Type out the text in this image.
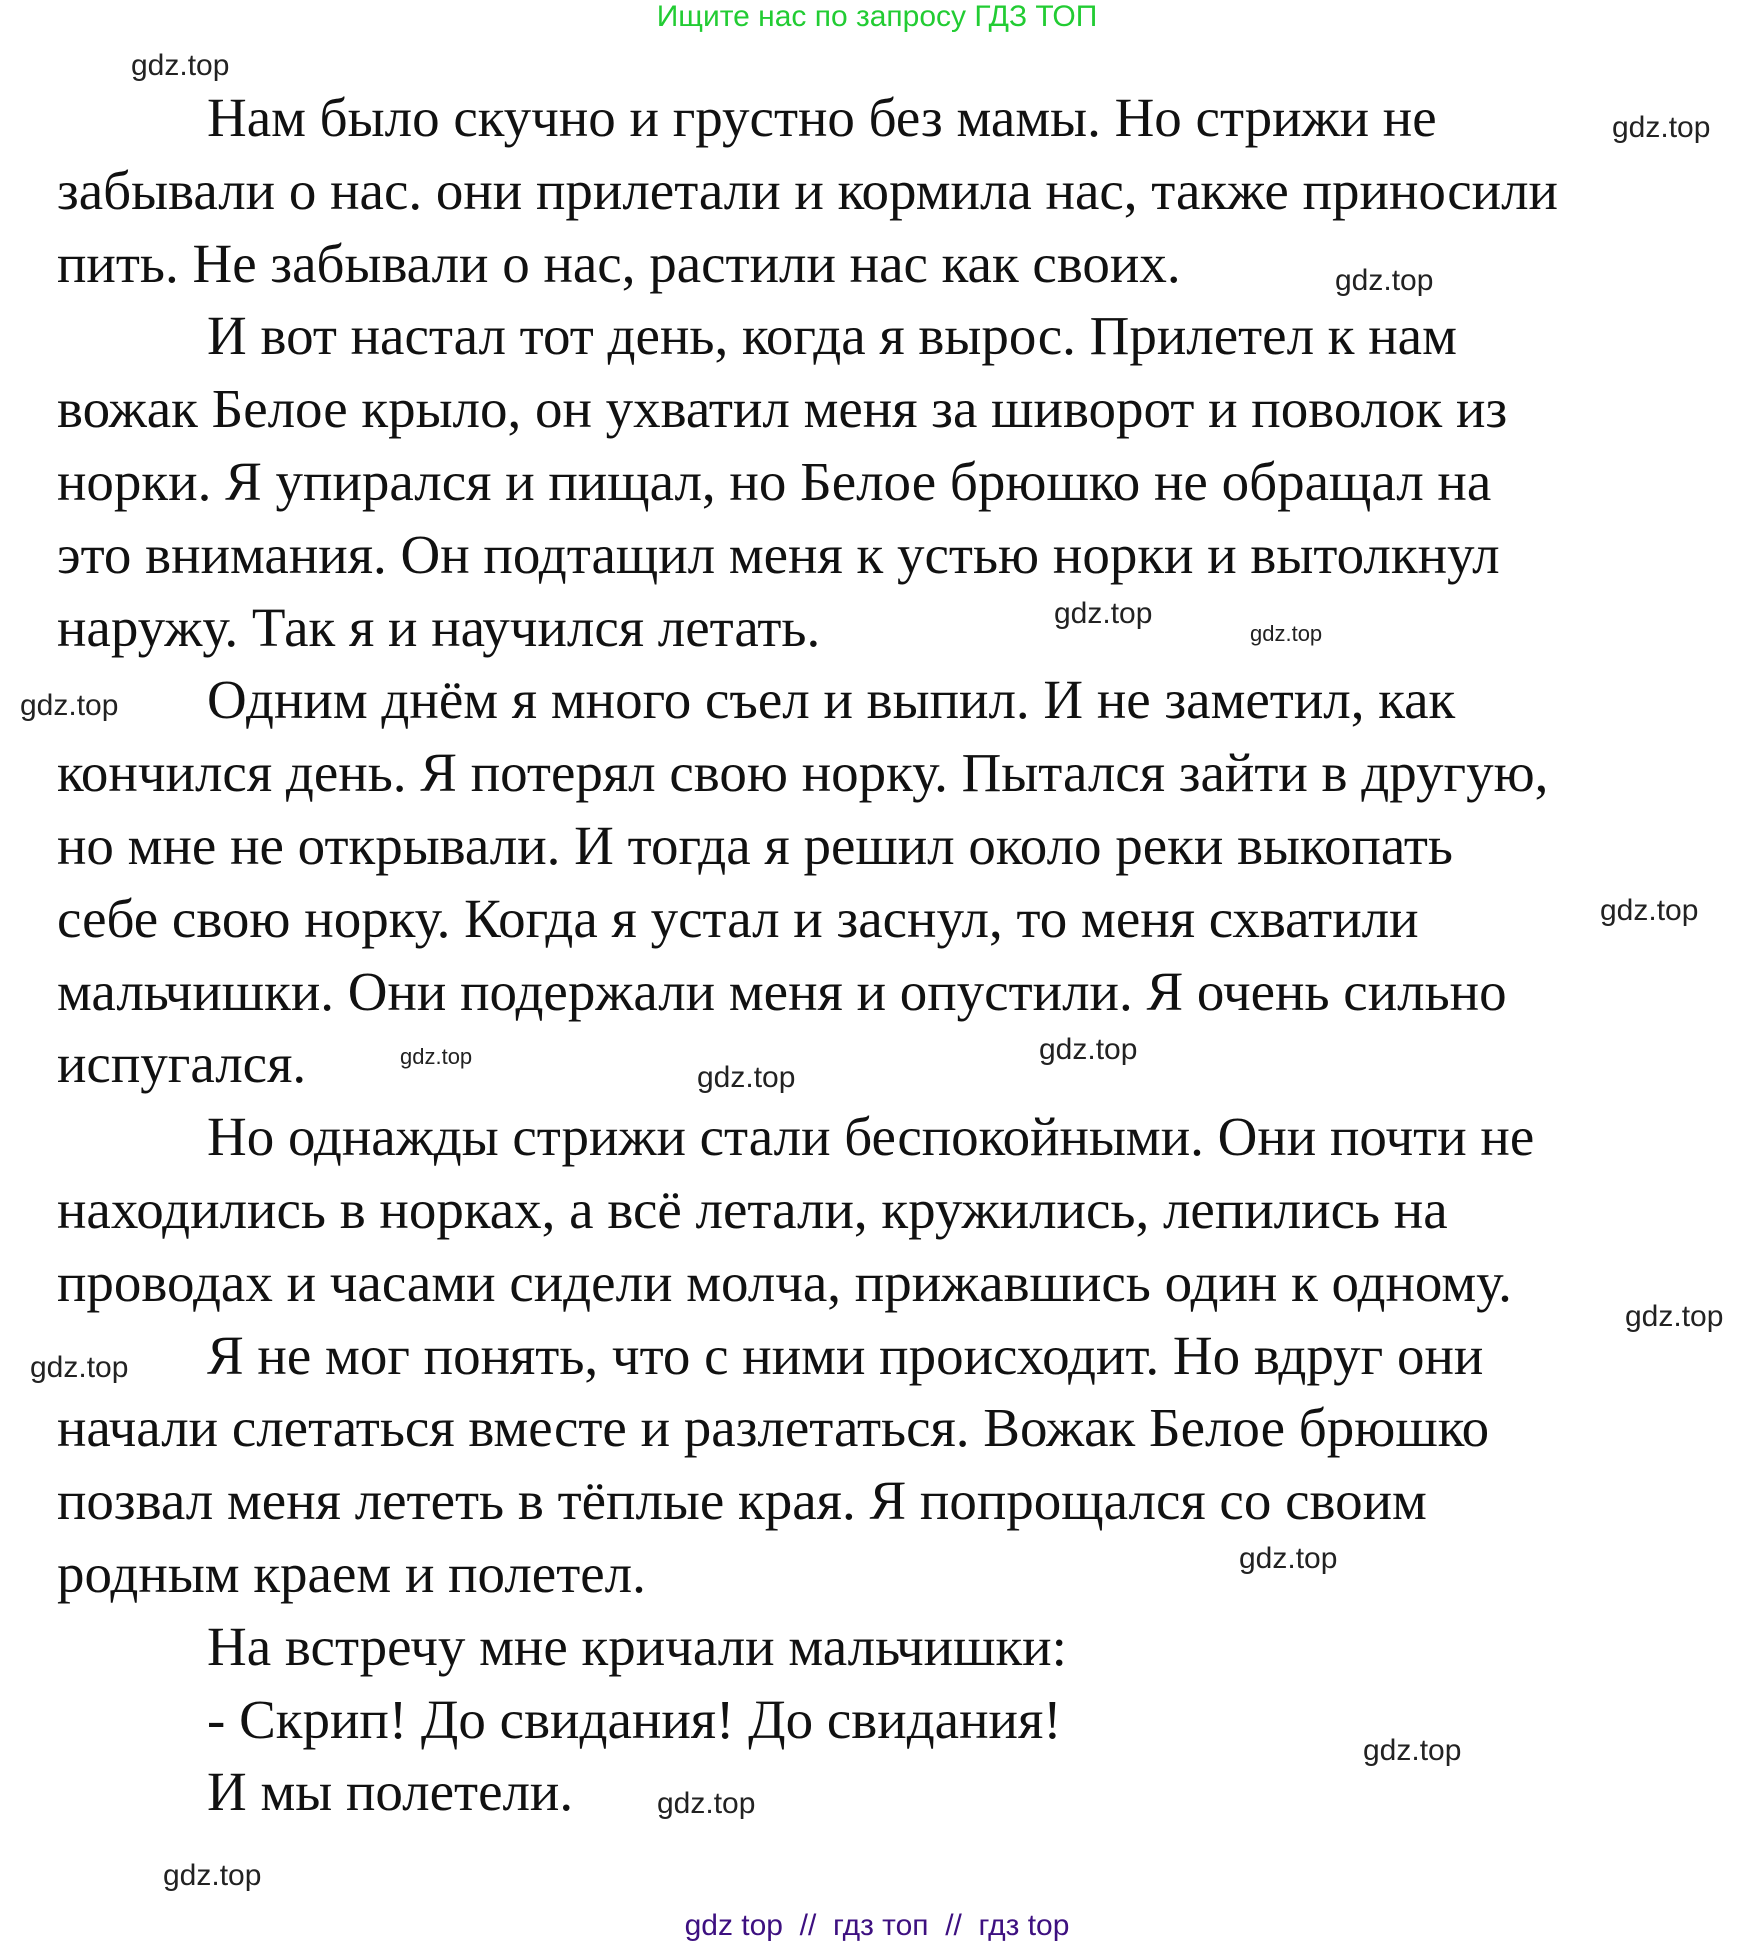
Ищите нас по запросу ГДЗ ТОП
Нам было скучно и грустно без мамы. Но стрижи не
забывали о нас. они прилетали и кормила нас, также приносили
пить. Не забывали о нас, растили нас как своих.
И вот настал тот день, когда я вырос. Прилетел к нам
вожак Белое крыло, он ухватил меня за шиворот и поволок из
норки. Я упирался и пищал, но Белое брюшко не обращал на
это внимания. Он подтащил меня к устью норки и вытолкнул
наружу. Так я и научился летать.
Одним днём я много съел и выпил. И не заметил, как
кончился день. Я потерял свою норку. Пытался зайти в другую,
но мне не открывали. И тогда я решил около реки выкопать
себе свою норку. Когда я устал и заснул, то меня схватили
мальчишки. Они подержали меня и опустили. Я очень сильно
испугался.
Но однажды стрижи стали беспокойными. Они почти не
находились в норках, а всё летали, кружились, лепились на
проводах и часами сидели молча, прижавшись один к одному.
Я не мог понять, что с ними происходит. Но вдруг они
начали слетаться вместе и разлетаться. Вожак Белое брюшко
позвал меня лететь в тёплые края. Я попрощался со своим
родным краем и полетел.
На встречу мне кричали мальчишки:
- Скрип! До свидания! До свидания!
И мы полетели.
gdz.top
gdz.top
gdz.top
gdz.top
gdz.top
gdz.top
gdz.top
gdz.top
gdz.top
gdz.top
gdz.top
gdz.top
gdz.top
gdz.top
gdz.top
gdz.top
gdz top  //  гдз топ  //  гдз top
